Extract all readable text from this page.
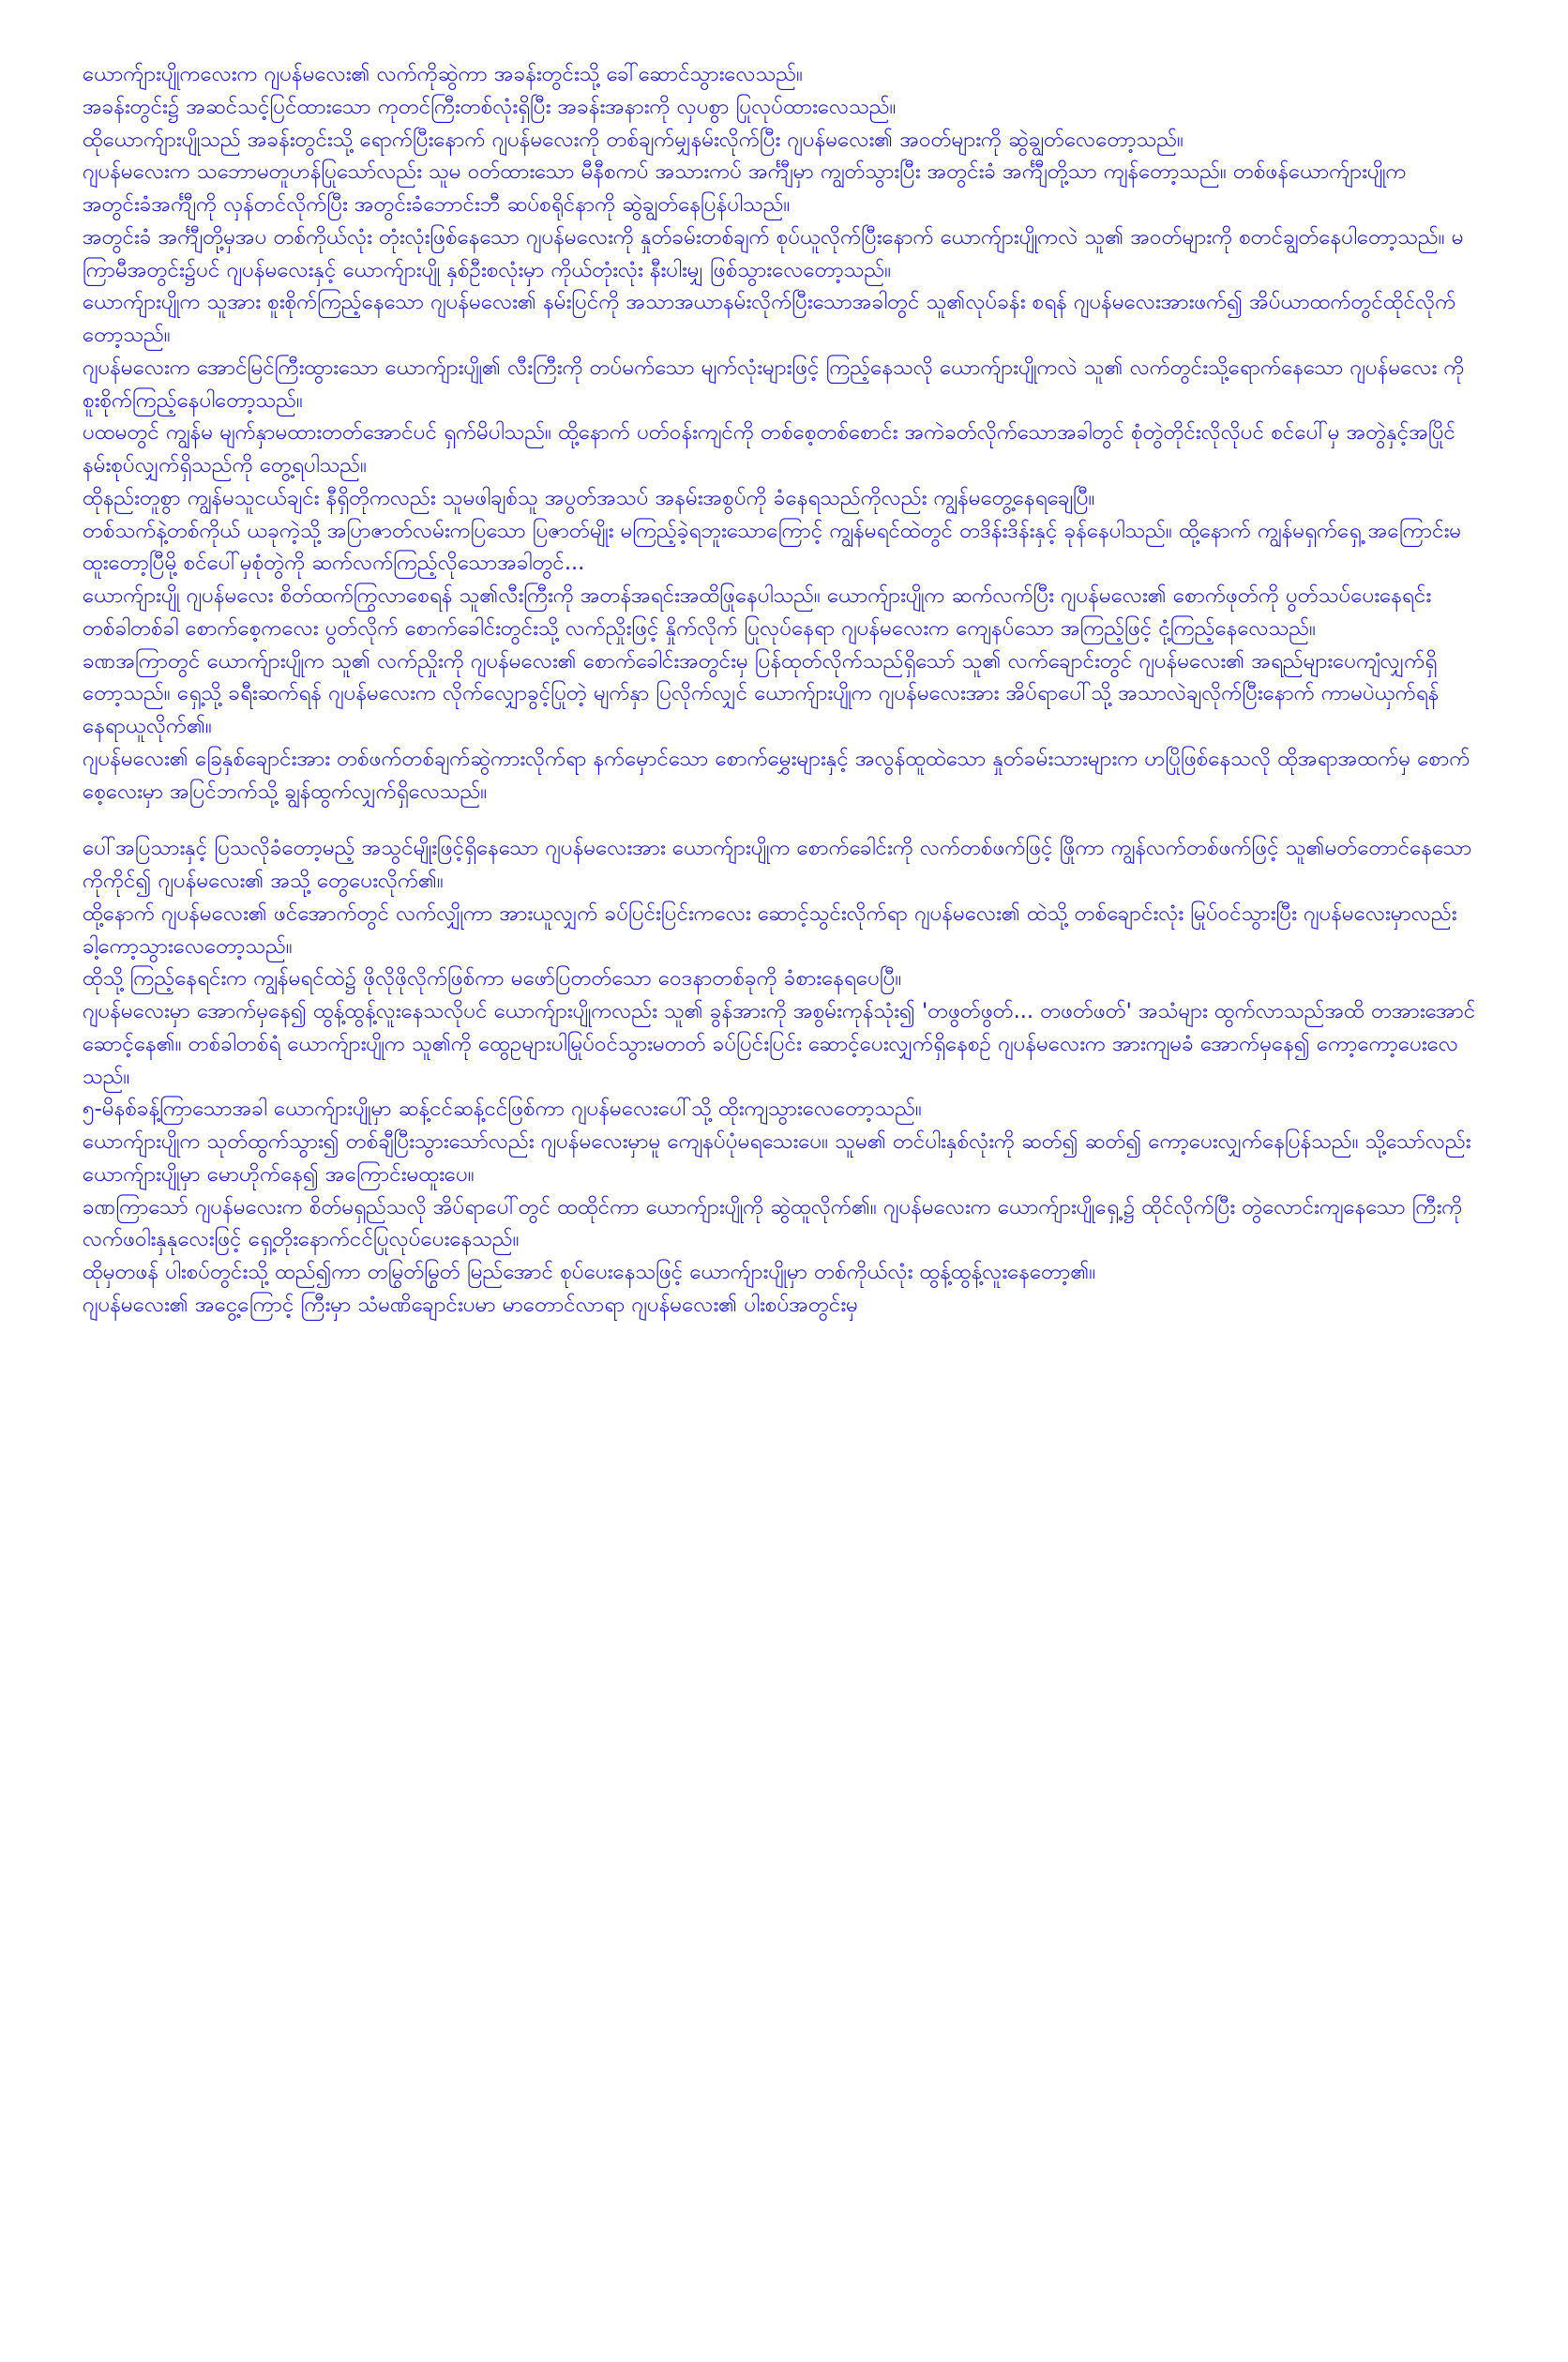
ယောက်ျားပျိုကလေးက ဂျပန်မလေး၏ လက်ကိုဆွဲကာ အခန်းတွင်းသို့ ခေါ်ဆောင်သွားလေသည်။

အခန်းတွင်း၌ အဆင်သင့်ပြင်ထားသော ကုတင်ကြီးတစ်လုံးရှိပြီး အခန်းအနားကို လှပစွာ ပြုလုပ်ထားလေသည်။

ထိုယောက်ျားပျိုသည် အခန်းတွင်းသို့ ရောက်ပြီးနောက် ဂျပန်မလေးကို တစ်ချက်မျှနမ်းလိုက်ပြီး ဂျပန်မလေး၏ အဝတ်များကို ဆွဲချွတ်လေတော့သည်။

ဂျပန်မလေးက သဘောမတူဟန်ပြုသော်လည်း သူမ ဝတ်ထားသော မီနီစကပ် အသားကပ် အင်္ကျီမှာ ကျွတ်သွားပြီး အတွင်းခံ အင်္ကျီတို့သာ ကျန်တော့သည်။ တစ်ဖန်ယောက်ျားပျိုက အတွင်းခံအင်္ကျီကို လှန်တင်လိုက်ပြီး အတွင်းခံဘောင်းဘီ ဆပ်စရိုင်နာကို ဆွဲချွတ်နေပြန်ပါသည်။

အတွင်းခံ အင်္ကျီတို့မှအပ တစ်ကိုယ်လုံး တုံးလုံးဖြစ်နေသော ဂျပန်မလေးကို နှုတ်ခမ်းတစ်ချက် စုပ်ယူလိုက်ပြီးနောက် ယောက်ျားပျိုကလဲ သူ၏ အဝတ်များကို စတင်ချွတ်နေပါတော့သည်။ မကြာမီအတွင်း၌ပင် ဂျပန်မလေးနှင့် ယောက်ျားပျို နှစ်ဦးစလုံးမှာ ကိုယ်တုံးလုံး နီးပါးမျှ ဖြစ်သွားလေတော့သည်။

ယောက်ျားပျိုက သူအား စူးစိုက်ကြည့်နေသော ဂျပန်မလေး၏ နမ်းပြင်ကို အသာအယာနမ်းလိုက်ပြီးသောအခါတွင် သူ၏လုပ်ခန်း စရန် ဂျပန်မလေးအားဖက်၍ အိပ်ယာထက်တွင်ထိုင်လိုက်တော့သည်။

ဂျပန်မလေးက အောင်မြင်ကြီးထွားသော ယောက်ျားပျို၏ လီးကြီးကို တပ်မက်သော မျက်လုံးများဖြင့် ကြည့်နေသလို ယောက်ျားပျိုကလဲ သူ၏ လက်တွင်းသို့ရောက်နေသော ဂျပန်မလေး ကို စူးစိုက်ကြည့်နေပါတော့သည်။

ပထမတွင် ကျွန်မ မျက်နှာမထားတတ်အောင်ပင် ရှက်မိပါသည်။ ထို့နောက် ပတ်ဝန်းကျင်ကို တစ်စေ့တစ်စောင်း အကဲခတ်လိုက်သောအခါတွင် စုံတွဲတိုင်းလိုလိုပင် စင်ပေါ်မှ အတွဲနှင့်အပြိုင် နမ်းစုပ်လျှက်ရှိသည်ကို တွေ့ရပါသည်။

ထိုနည်းတူစွာ ကျွန်မသူငယ်ချင်း နီရှိတိုကလည်း သူမဖါချစ်သူ အပွတ်အသပ် အနမ်းအစွပ်ကို ခံနေရသည်ကိုလည်း ကျွန်မတွေ့နေရချေပြီ။

တစ်သက်နဲ့တစ်ကိုယ် ယခုကဲ့သို့ အပြာဇာတ်လမ်းကပြသော ပြဇာတ်မျိုး မကြည့်ခဲ့ရဘူးသောကြောင့် ကျွန်မရင်ထဲတွင် တဒိန်းဒိန်းနှင့် ခုန်နေပါသည်။ ထို့နောက် ကျွန်မရှက်ရှေ့ အကြောင်းမထူးတော့ပြီမို့ စင်ပေါ်မှစုံတွဲကို ဆက်လက်ကြည့်လိုသောအခါတွင်...

ယောက်ျားပျို ဂျပန်မလေး စိတ်ထက်ကြွလာစေရန် သူ၏လီးကြီးကို အတန်အရင်းအထိဖြုနေပါသည်။ ယောက်ျားပျိုက ဆက်လက်ပြီး ဂျပန်မလေး၏ စောက်ဖုတ်ကို ပွတ်သပ်ပေးနေရင်း တစ်ခါတစ်ခါ စောက်စေ့ကလေး ပွတ်လိုက် စောက်ခေါင်းတွင်းသို့ လက်ညှိုးဖြင့် နှိုက်လိုက် ပြုလုပ်နေရာ ဂျပန်မလေးက ကျေနပ်သော အကြည့်ဖြင့် ငုံ့ကြည့်နေလေသည်။

ခဏအကြာတွင် ယောက်ျားပျိုက သူ၏ လက်ညှိုးကို ဂျပန်မလေး၏ စောက်ခေါင်းအတွင်းမှ ပြန်ထုတ်လိုက်သည်ရှိသော် သူ၏ လက်ချောင်းတွင် ဂျပန်မလေး၏ အရည်များပေကျံလျှက်ရှိတော့သည်။ ရှေ့သို့ ခရီးဆက်ရန် ဂျပန်မလေးက လိုက်လျှောခွင့်ပြုတဲ့ မျက်နှာ ပြလိုက်လျှင် ယောက်ျားပျိုက ဂျပန်မလေးအား အိပ်ရာပေါ်သို့ အသာလဲချလိုက်ပြီးနောက် ကာမပဲယှက်ရန် နေရာယူလိုက်၏။

ဂျပန်မလေး၏ ခြေနှစ်ချောင်းအား တစ်ဖက်တစ်ချက်ဆွဲကားလိုက်ရာ နက်မှောင်သော စောက်မွှေးများနှင့် အလွန်ထူထဲသော နှုတ်ခမ်းသားများက ဟပြိုဖြစ်နေသလို ထိုအရာအထက်မှ စောက်စေ့လေးမှာ အပြင်ဘက်သို့ ချွန်ထွက်လျှက်ရှိလေသည်။

ပေါ်အပြသားနှင့် ပြသလိုခံတော့မည့် အသွင်မျိုးဖြင့်ရှိနေသော ဂျပန်မလေးအား ယောက်ျားပျိုက စောက်ခေါင်းကို လက်တစ်ဖက်ဖြင့် ဖြိုကာ ကျွန်လက်တစ်ဖက်ဖြင့် သူ၏မတ်တောင်နေသော ကိုကိုင်၍ ဂျပန်မလေး၏ အသို့ တွေပေးလိုက်၏။

ထို့နောက် ဂျပန်မလေး၏ ဖင်အောက်တွင် လက်လျှိုကာ အားယူလျှက် ခပ်ပြင်းပြင်းကလေး ဆောင့်သွင်းလိုက်ရာ ဂျပန်မလေး၏ ထဲသို့ တစ်ချောင်းလုံး မြုပ်ဝင်သွားပြီး ဂျပန်မလေးမှာလည်း ခါ့ကော့သွားလေတော့သည်။

ထိုသို့ ကြည့်နေရင်းက ကျွန်မရင်ထဲ၌ ဖိုလိုဖိုလိုက်ဖြစ်ကာ မဖော်ပြတတ်သော ဝေဒနာတစ်ခုကို ခံစားနေရပေပြီ။

ဂျပန်မလေးမှာ အောက်မှနေ၍ ထွန့်ထွန့်လူးနေသလိုပင် ယောက်ျားပျိုကလည်း သူ၏ ခွန်အားကို အစွမ်းကုန်သုံး၍ 'တဖွတ်ဖွတ်... တဖတ်ဖတ်' အသံများ ထွက်လာသည်အထိ တအားအောင်ဆောင့်နေ၏။ တစ်ခါတစ်ရံ ယောက်ျားပျိုက သူ၏ကို ထွေဥများပါမြုပ်ဝင်သွားမတတ် ခပ်ပြင်းပြင်း ဆောင့်ပေးလျှက်ရှိနေစဉ် ဂျပန်မလေးက အားကျမခံ အောက်မှနေ၍ ကော့ကော့ပေးလေသည်။

၅-မိနစ်ခန့်ကြာသောအခါ ယောက်ျားပျိုမှာ ဆန့်ငင်ဆန့်ငင်ဖြစ်ကာ ဂျပန်မလေးပေါ်သို့ ထိုးကျသွားလေတော့သည်။

ယောက်ျားပျိုက သုတ်ထွက်သွား၍ တစ်ချီပြီးသွားသော်လည်း ဂျပန်မလေးမှာမူ ကျေနပ်ပုံမရသေးပေ။ သူမ၏ တင်ပါးနှစ်လုံးကို ဆတ်၍ ဆတ်၍ ကော့ပေးလျှက်နေပြန်သည်။ သို့သော်လည်း ယောက်ျားပျိုမှာ မောဟိုက်နေ၍ အကြောင်းမထူးပေ။

ခဏကြာသော် ဂျပန်မလေးက စိတ်မရှည်သလို အိပ်ရာပေါ်တွင် ထထိုင်ကာ ယောက်ျားပျိုကို ဆွဲထူလိုက်၏။ ဂျပန်မလေးက ယောက်ျားပျိုရှေ့၌ ထိုင်လိုက်ပြီး တွဲလောင်းကျနေသော ကြီးကို လက်ဖဝါးနှနုလေးဖြင့် ရှေ့တိုးနောက်ငင်ပြုလုပ်ပေးနေသည်။

ထိုမှတဖန် ပါးစပ်တွင်းသို့ ထည်၍ကာ တမြွတ်မြွတ် မြည်အောင် စုပ်ပေးနေသဖြင့် ယောက်ျားပျိုမှာ တစ်ကိုယ်လုံး ထွန့်ထွန့်လူးနေတော့၏။

ဂျပန်မလေး၏ အငွေ့ကြောင့် ကြီးမှာ သံမဏိချောင်းပမာ မာတောင်လာရာ ဂျပန်မလေး၏ ပါးစပ်အတွင်းမှ
